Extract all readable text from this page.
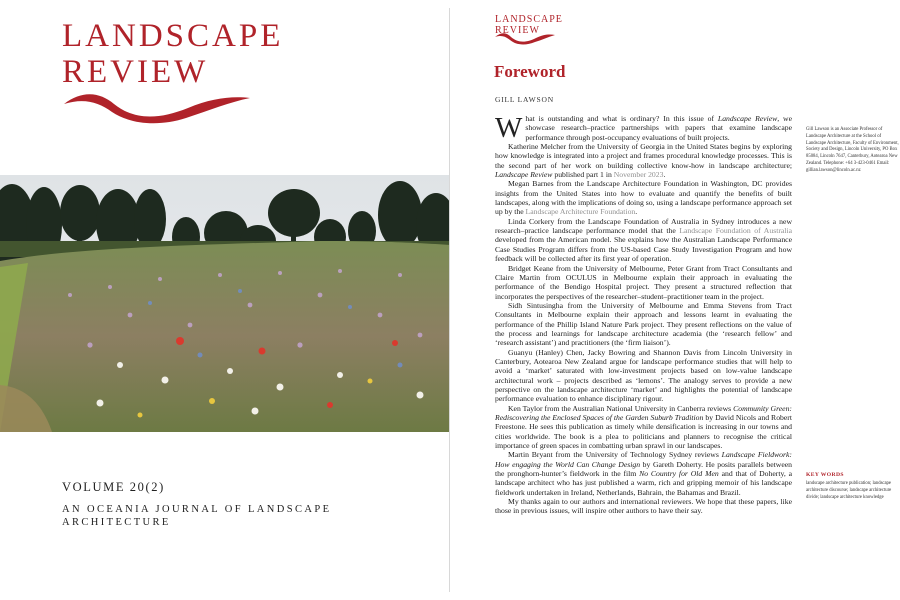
LANDSCAPE
REVIEW
VOLUME 20(2)
AN OCEANIA JOURNAL OF LANDSCAPE
ARCHITECTURE
LANDSCAPE
REVIEW
Foreword
GILL LAWSON

What is outstanding and what is ordinary? In this issue of Landscape Review, we showcase research–practice partnerships with papers that examine landscape performance through post-occupancy evaluations of built projects.

Katherine Melcher from the University of Georgia in the United States begins by exploring how knowledge is integrated into a project and frames procedural knowledge processes. This is the second part of her work on building collective know-how in landscape architecture; Landscape Review published part 1 in November 2023.

Megan Barnes from the Landscape Architecture Foundation in Washington, DC provides insights from the United States into how to evaluate and quantify the benefits of built landscapes, along with the implications of doing so, using a landscape performance approach set up by the Landscape Architecture Foundation.

Linda Corkery from the Landscape Foundation of Australia in Sydney introduces a new research–practice landscape performance model that the Landscape Foundation of Australia developed from the American model. She explains how the Australian Landscape Performance Case Studies Program differs from the US-based Case Study Investigation Program and how feedback will be collected after its first year of operation.

Bridget Keane from the University of Melbourne, Peter Grant from Tract Consultants and Claire Martin from OCULUS in Melbourne explain their approach in evaluating the performance of the Bendigo Hospital project. They present a structured reflection that incorporates the perspectives of the researcher–student–practitioner team in the project.

Sidh Sintusingha from the University of Melbourne and Emma Stevens from Tract Consultants in Melbourne explain their approach and lessons learnt in evaluating the performance of the Phillip Island Nature Park project. They present reflections on the value of the process and learnings for landscape architecture academia (the ‘research fellow’ and ‘research assistant’) and practitioners (the ‘firm liaison’).

Guanyu (Hanley) Chen, Jacky Bowring and Shannon Davis from Lincoln University in Canterbury, Aotearoa New Zealand argue for landscape performance studies that will help to avoid a ‘market’ saturated with low-investment projects based on low-value landscape architectural work – projects described as ‘lemons’. The analogy serves to provide a new perspective on the landscape architecture ‘market’ and highlights the potential of landscape performance evaluation to enhance disciplinary rigour.

Ken Taylor from the Australian National University in Canberra reviews Community Green: Rediscovering the Enclosed Spaces of the Garden Suburb Tradition by David Nicols and Robert Freestone. He sees this publication as timely while densification is increasing in our towns and cities worldwide. The book is a plea to politicians and planners to recognise the critical importance of green spaces in combatting urban sprawl in our landscapes.

Martin Bryant from the University of Technology Sydney reviews Landscape Fieldwork: How engaging the World Can Change Design by Gareth Doherty. He posits parallels between the pronghorn-hunter’s fieldwork in the film No Country for Old Men and that of Doherty, a landscape architect who has just published a warm, rich and gripping memoir of his landscape fieldwork undertaken in Ireland, Netherlands, Bahrain, the Bahamas and Brazil.

My thanks again to our authors and international reviewers. We hope that these papers, like those in previous issues, will inspire other authors to have their say.

Gill Lawson is an Associate Professor of Landscape Architecture at the School of Landscape Architecture, Faculty of Environment, Society and Design, Lincoln University, PO Box 85084, Lincoln 7647, Canterbury, Aotearoa New Zealand. Telephone: +64 3-423-0461 Email: gillian.lawson@lincoln.ac.nz
KEY WORDS
landscape architecture publication; landscape architecture discourse; landscape architecture divide; landscape architecture knowledge
